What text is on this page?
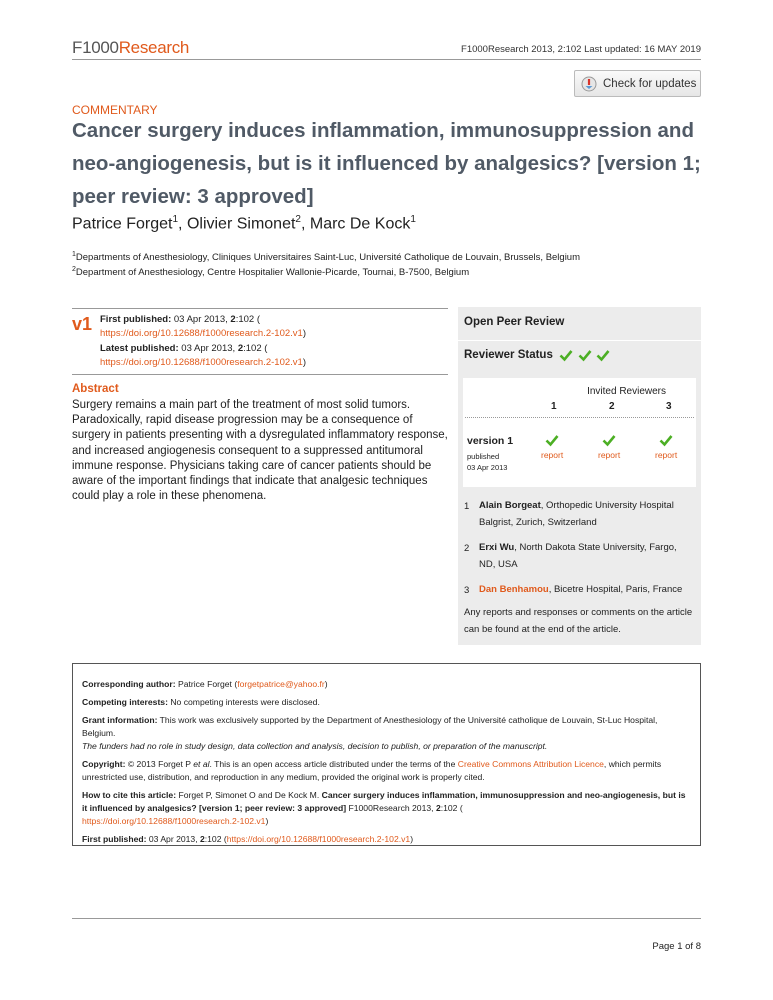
F1000Research	F1000Research 2013, 2:102 Last updated: 16 MAY 2019
Check for updates
COMMENTARY
Cancer surgery induces inflammation, immunosuppression and neo-angiogenesis, but is it influenced by analgesics? [version 1; peer review: 3 approved]
Patrice Forget$^1$, Olivier Simonet$^2$, Marc De Kock$^1$
$^1$Departments of Anesthesiology, Cliniques Universitaires Saint-Luc, Université Catholique de Louvain, Brussels, Belgium
$^2$Department of Anesthesiology, Centre Hospitalier Wallonie-Picarde, Tournai, B-7500, Belgium
v1 First published: 03 Apr 2013, 2:102 (
https://doi.org/10.12688/f1000research.2-102.v1)
Latest published: 03 Apr 2013, 2:102 (
https://doi.org/10.12688/f1000research.2-102.v1)
Abstract
Surgery remains a main part of the treatment of most solid tumors. Paradoxically, rapid disease progression may be a consequence of surgery in patients presenting with a dysregulated inflammatory response, and increased angiogenesis consequent to a suppressed antitumoral immune response. Physicians taking care of cancer patients should be aware of the important findings that indicate that analgesic techniques could play a role in these phenomena.
Open Peer Review
Reviewer Status
Invited Reviewers
1	2	3
version 1
published
03 Apr 2013
report	report	report
1 Alain Borgeat, Orthopedic University Hospital Balgrist, Zurich, Switzerland
2 Erxi Wu, North Dakota State University, Fargo, ND, USA
3 Dan Benhamou, Bicetre Hospital, Paris, France
Any reports and responses or comments on the article can be found at the end of the article.

Corresponding author: Patrice Forget (forgetpatrice@yahoo.fr)

Competing interests: No competing interests were disclosed.

Grant information: This work was exclusively supported by the Department of Anesthesiology of the Université catholique de Louvain, St-Luc Hospital, Belgium.
The funders had no role in study design, data collection and analysis, decision to publish, or preparation of the manuscript.

Copyright: © 2013 Forget P et al. This is an open access article distributed under the terms of the Creative Commons Attribution Licence, which permits unrestricted use, distribution, and reproduction in any medium, provided the original work is properly cited.

How to cite this article: Forget P, Simonet O and De Kock M. Cancer surgery induces inflammation, immunosuppression and neo-angiogenesis, but is it influenced by analgesics? [version 1; peer review: 3 approved] F1000Research 2013, 2:102 (
https://doi.org/10.12688/f1000research.2-102.v1)

First published: 03 Apr 2013, 2:102 (https://doi.org/10.12688/f1000research.2-102.v1)

Page 1 of 8
